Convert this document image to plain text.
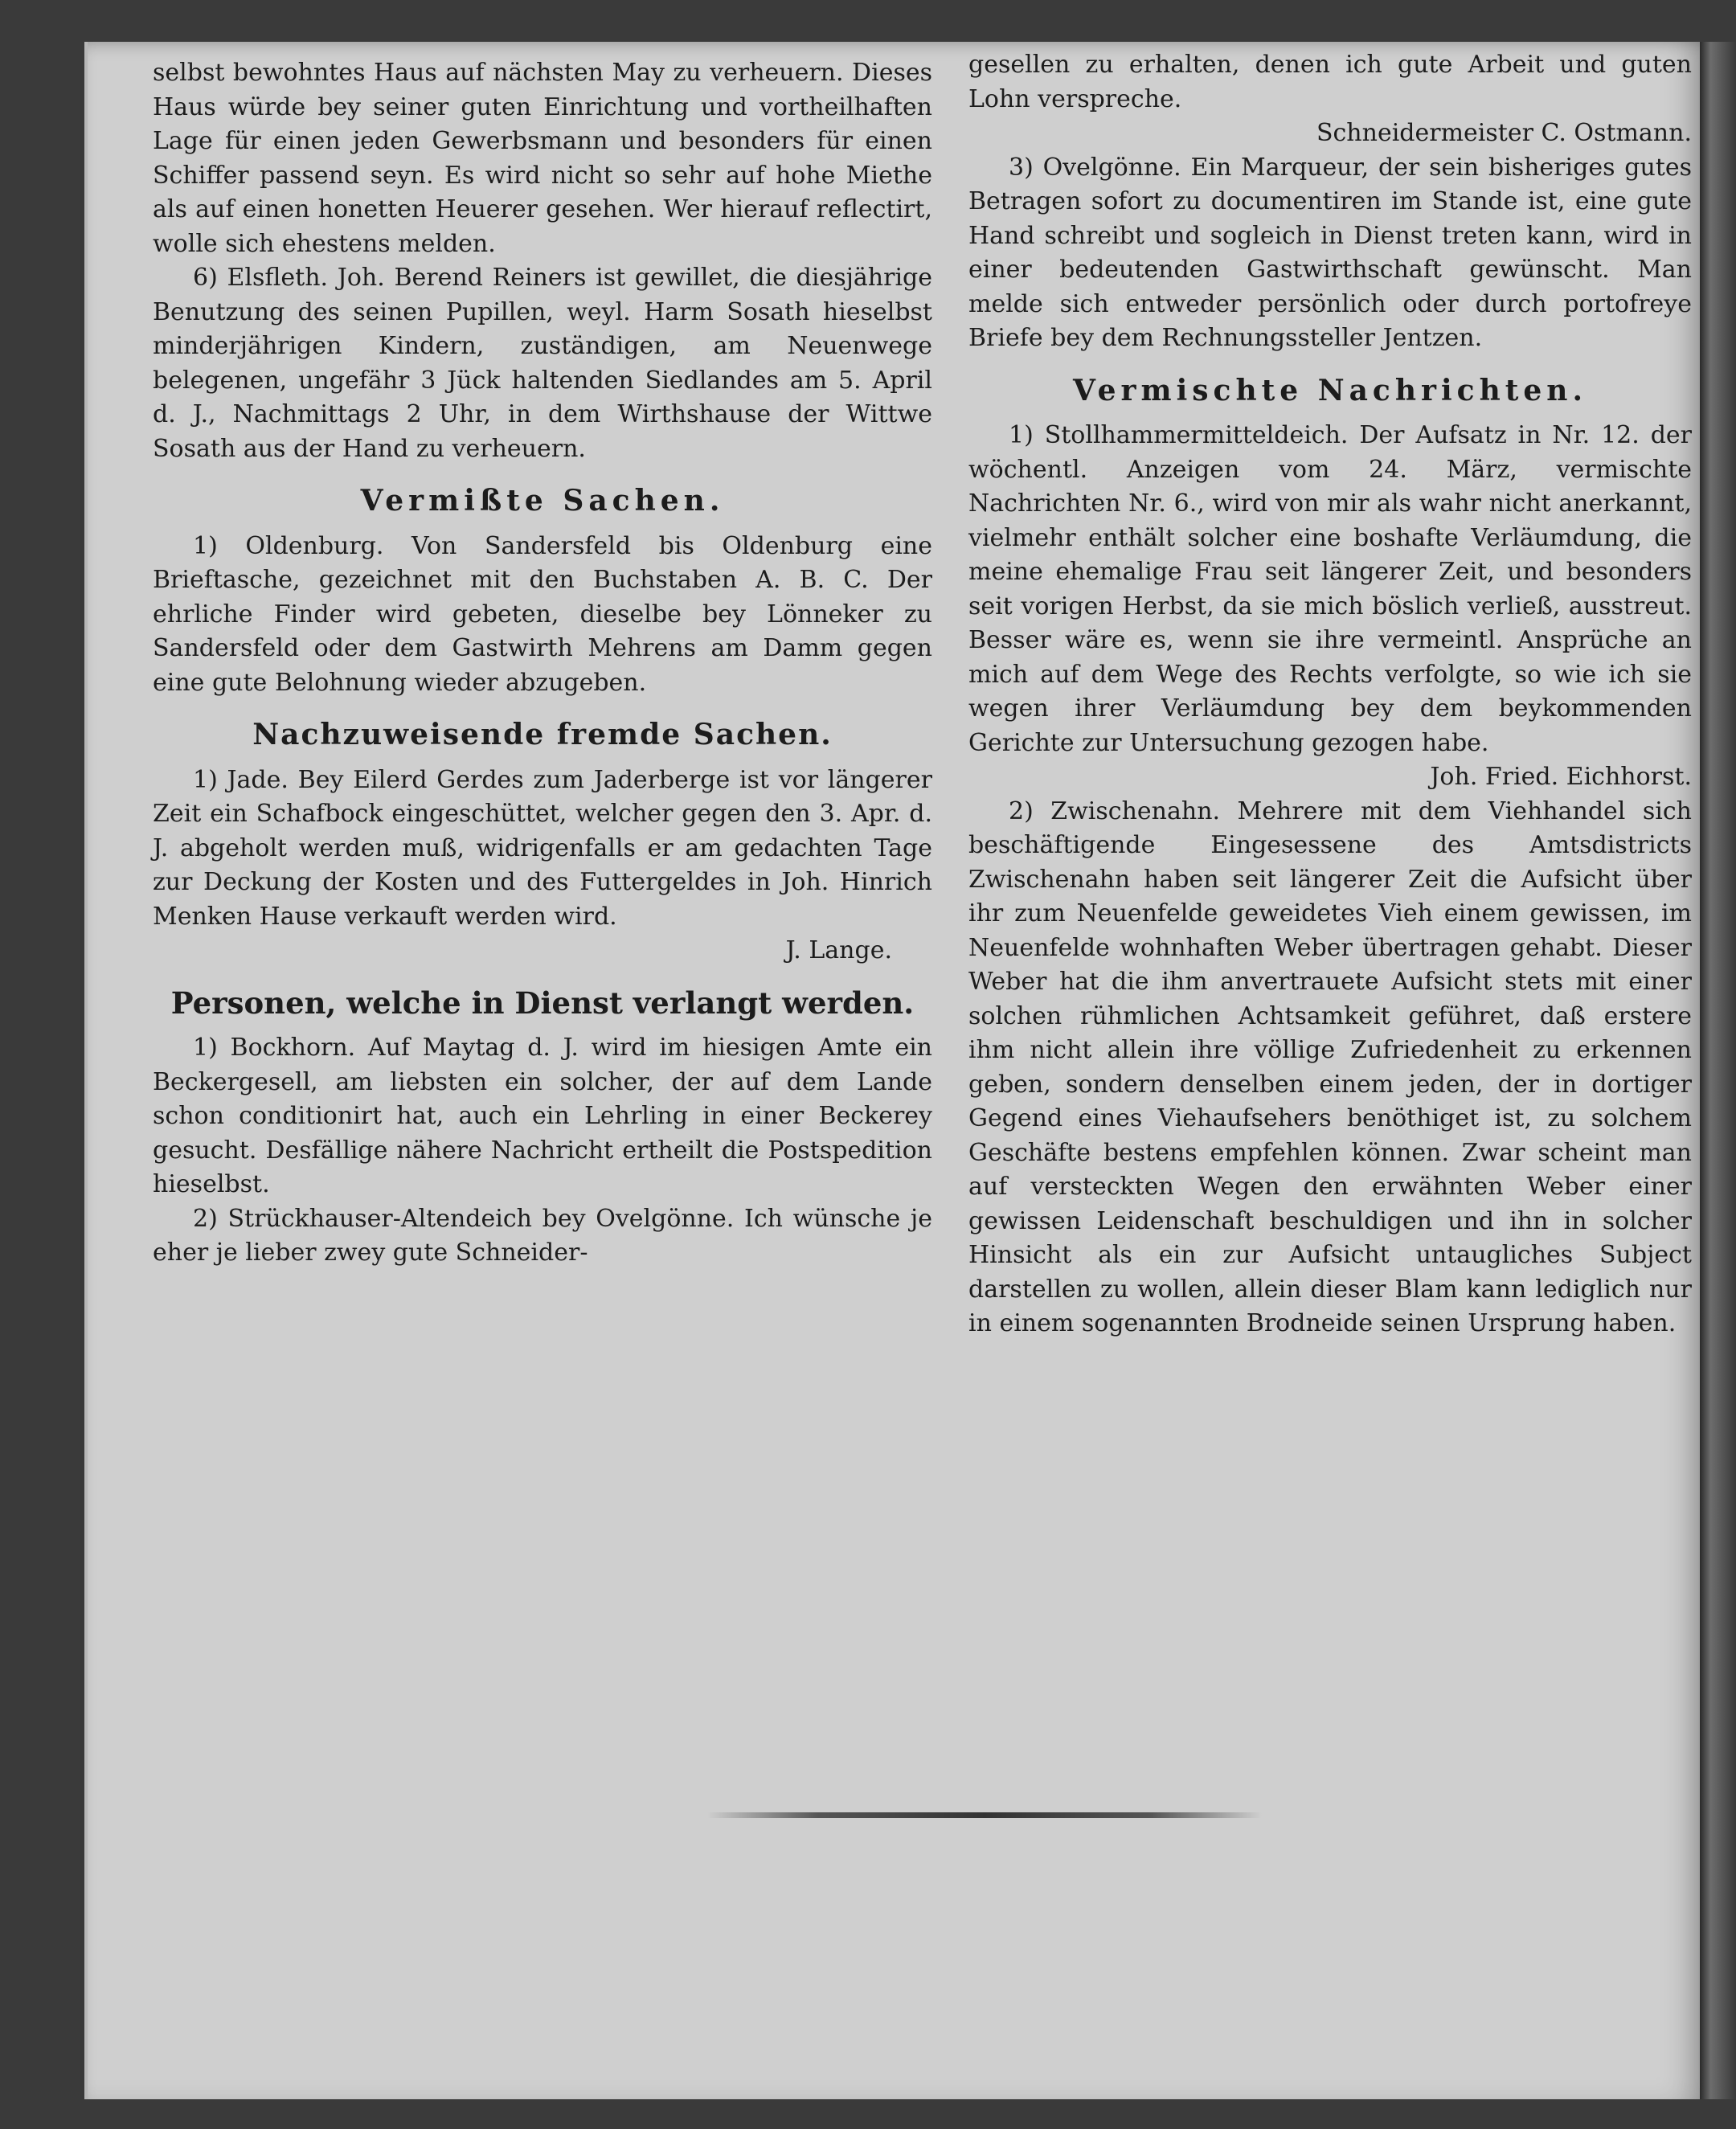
selbst bewohntes Haus auf nächsten May zu verheuern. Dieses Haus würde bey seiner guten Einrichtung und vortheilhaften Lage für einen jeden Gewerbsmann und besonders für einen Schiffer passend seyn. Es wird nicht so sehr auf hohe Miethe als auf einen honetten Heuerer gesehen. Wer hierauf reflectirt, wolle sich ehestens melden.

6) Elsfleth. Joh. Berend Reiners ist gewillet, die diesjährige Benutzung des seinen Pupillen, weyl. Harm Sosath hieselbst minderjährigen Kindern, zuständigen, am Neuenwege belegenen, ungefähr 3 Jück haltenden Siedlandes am 5. April d. J., Nachmittags 2 Uhr, in dem Wirthshause der Wittwe Sosath aus der Hand zu verheuern.

Vermißte Sachen.

1) Oldenburg. Von Sandersfeld bis Oldenburg eine Brieftasche, gezeichnet mit den Buchstaben A. B. C. Der ehrliche Finder wird gebeten, dieselbe bey Lönneker zu Sandersfeld oder dem Gastwirth Mehrens am Damm gegen eine gute Belohnung wieder abzugeben.

Nachzuweisende fremde Sachen.

1) Jade. Bey Eilerd Gerdes zum Jaderberge ist vor längerer Zeit ein Schafbock eingeschüttet, welcher gegen den 3. Apr. d. J. abgeholt werden muß, widrigenfalls er am gedachten Tage zur Deckung der Kosten und des Futtergeldes in Joh. Hinrich Menken Hause verkauft werden wird.

J. Lange.

Personen, welche in Dienst verlangt werden.

1) Bockhorn. Auf Maytag d. J. wird im hiesigen Amte ein Beckergesell, am liebsten ein solcher, der auf dem Lande schon conditionirt hat, auch ein Lehrling in einer Beckerey gesucht. Desfällige nähere Nachricht ertheilt die Postspedition hieselbst.

2) Strückhauser-Altendeich bey Ovelgönne. Ich wünsche je eher je lieber zwey gute Schneider-

gesellen zu erhalten, denen ich gute Arbeit und guten Lohn verspreche.

Schneidermeister C. Ostmann.

3) Ovelgönne. Ein Marqueur, der sein bisheriges gutes Betragen sofort zu documentiren im Stande ist, eine gute Hand schreibt und sogleich in Dienst treten kann, wird in einer bedeutenden Gastwirthschaft gewünscht. Man melde sich entweder persönlich oder durch portofreye Briefe bey dem Rechnungssteller Jentzen.

Vermischte Nachrichten.

1) Stollhammermitteldeich. Der Aufsatz in Nr. 12. der wöchentl. Anzeigen vom 24. März, vermischte Nachrichten Nr. 6., wird von mir als wahr nicht anerkannt, vielmehr enthält solcher eine boshafte Verläumdung, die meine ehemalige Frau seit längerer Zeit, und besonders seit vorigen Herbst, da sie mich böslich verließ, ausstreut. Besser wäre es, wenn sie ihre vermeintl. Ansprüche an mich auf dem Wege des Rechts verfolgte, so wie ich sie wegen ihrer Verläumdung bey dem beykommenden Gerichte zur Untersuchung gezogen habe.

Joh. Fried. Eichhorst.

2) Zwischenahn. Mehrere mit dem Viehhandel sich beschäftigende Eingesessene des Amtsdistricts Zwischenahn haben seit längerer Zeit die Aufsicht über ihr zum Neuenfelde geweidetes Vieh einem gewissen, im Neuenfelde wohnhaften Weber übertragen gehabt. Dieser Weber hat die ihm anvertrauete Aufsicht stets mit einer solchen rühmlichen Achtsamkeit geführet, daß erstere ihm nicht allein ihre völlige Zufriedenheit zu erkennen geben, sondern denselben einem jeden, der in dortiger Gegend eines Viehaufsehers benöthiget ist, zu solchem Geschäfte bestens empfehlen können. Zwar scheint man auf versteckten Wegen den erwähnten Weber einer gewissen Leidenschaft beschuldigen und ihn in solcher Hinsicht als ein zur Aufsicht untaugliches Subject darstellen zu wollen, allein dieser Blam kann lediglich nur in einem sogenannten Brodneide seinen Ursprung haben.
